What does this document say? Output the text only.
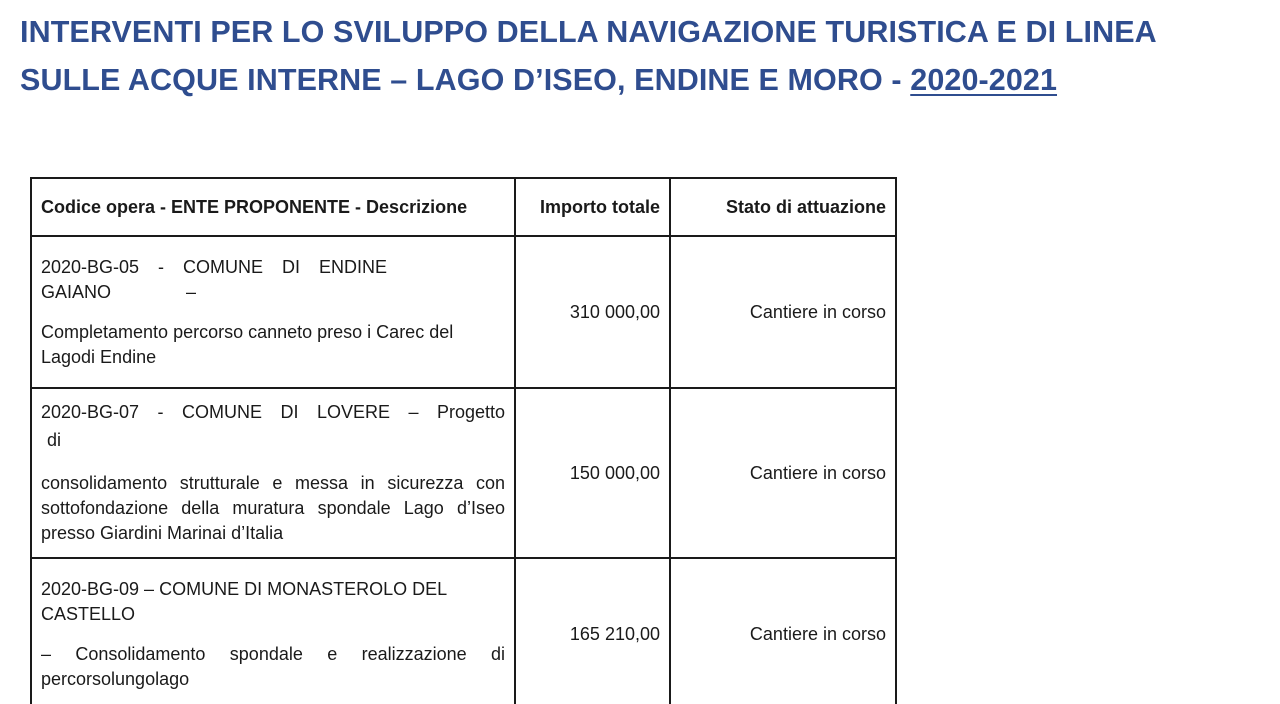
INTERVENTI PER LO SVILUPPO DELLA NAVIGAZIONE TURISTICA E DI LINEA
SULLE ACQUE INTERNE – LAGO D’ISEO, ENDINE E MORO - 2020-2021
Codice opera - ENTE PROPONENTE - Descrizione	Importo totale	Stato di attuazione

2020-BG-05 - COMUNE DI ENDINE
GAIANO –

Completamento percorso canneto preso i Carec del Lagodi Endine	310 000,00	Cantiere in corso

2020-BG-07 - COMUNE DI LOVERE – Progetto
di

consolidamento strutturale e messa in sicurezza con sottofondazione della muratura spondale Lago d’Iseo presso Giardini Marinai d’Italia	150 000,00	Cantiere in corso

2020-BG-09 – COMUNE DI MONASTEROLO DEL
CASTELLO

– Consolidamento spondale e realizzazione di percorsolungolago	165 210,00	Cantiere in corso
